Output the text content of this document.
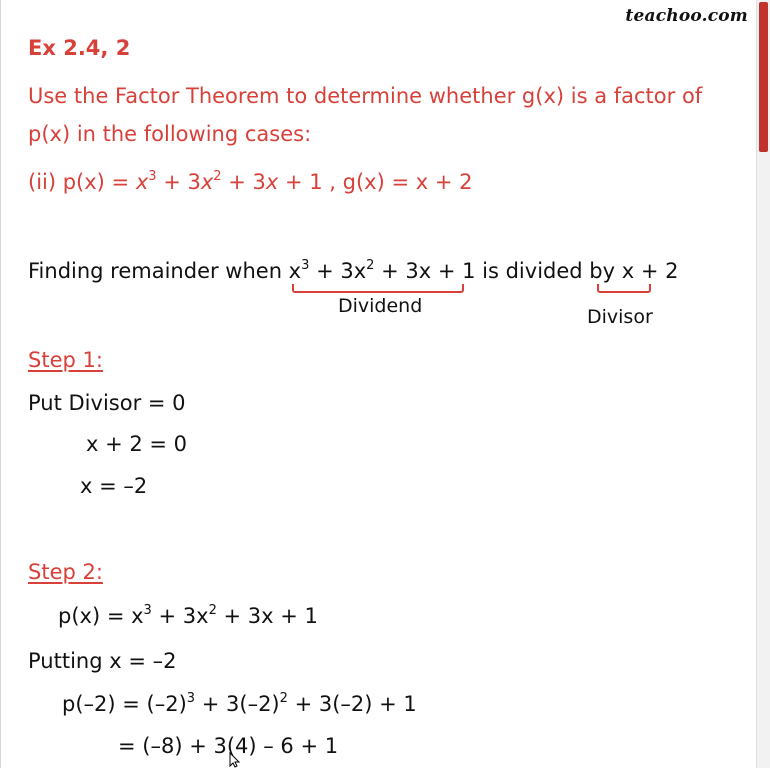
teachoo.com
Ex 2.4, 2
Use the Factor Theorem to determine whether g(x) is a factor of
p(x) in the following cases:
(ii) $p(x) = x^3 + 3x^2 + 3x + 1$ , g(x) = x + 2
Finding remainder when $x^3 + 3x^2 + 3x + 1$ is divided by x + 2
Dividend	Divisor
Step 1:
Put Divisor = 0
x + 2 = 0
x = –2
Step 2:
$p(x) = x^3 + 3x^2 + 3x + 1$
Putting x = –2
$p(-2) = (-2)^3 + 3(-2)^2 + 3(-2) + 1$
= (–8) + 3(4) – 6 + 1
